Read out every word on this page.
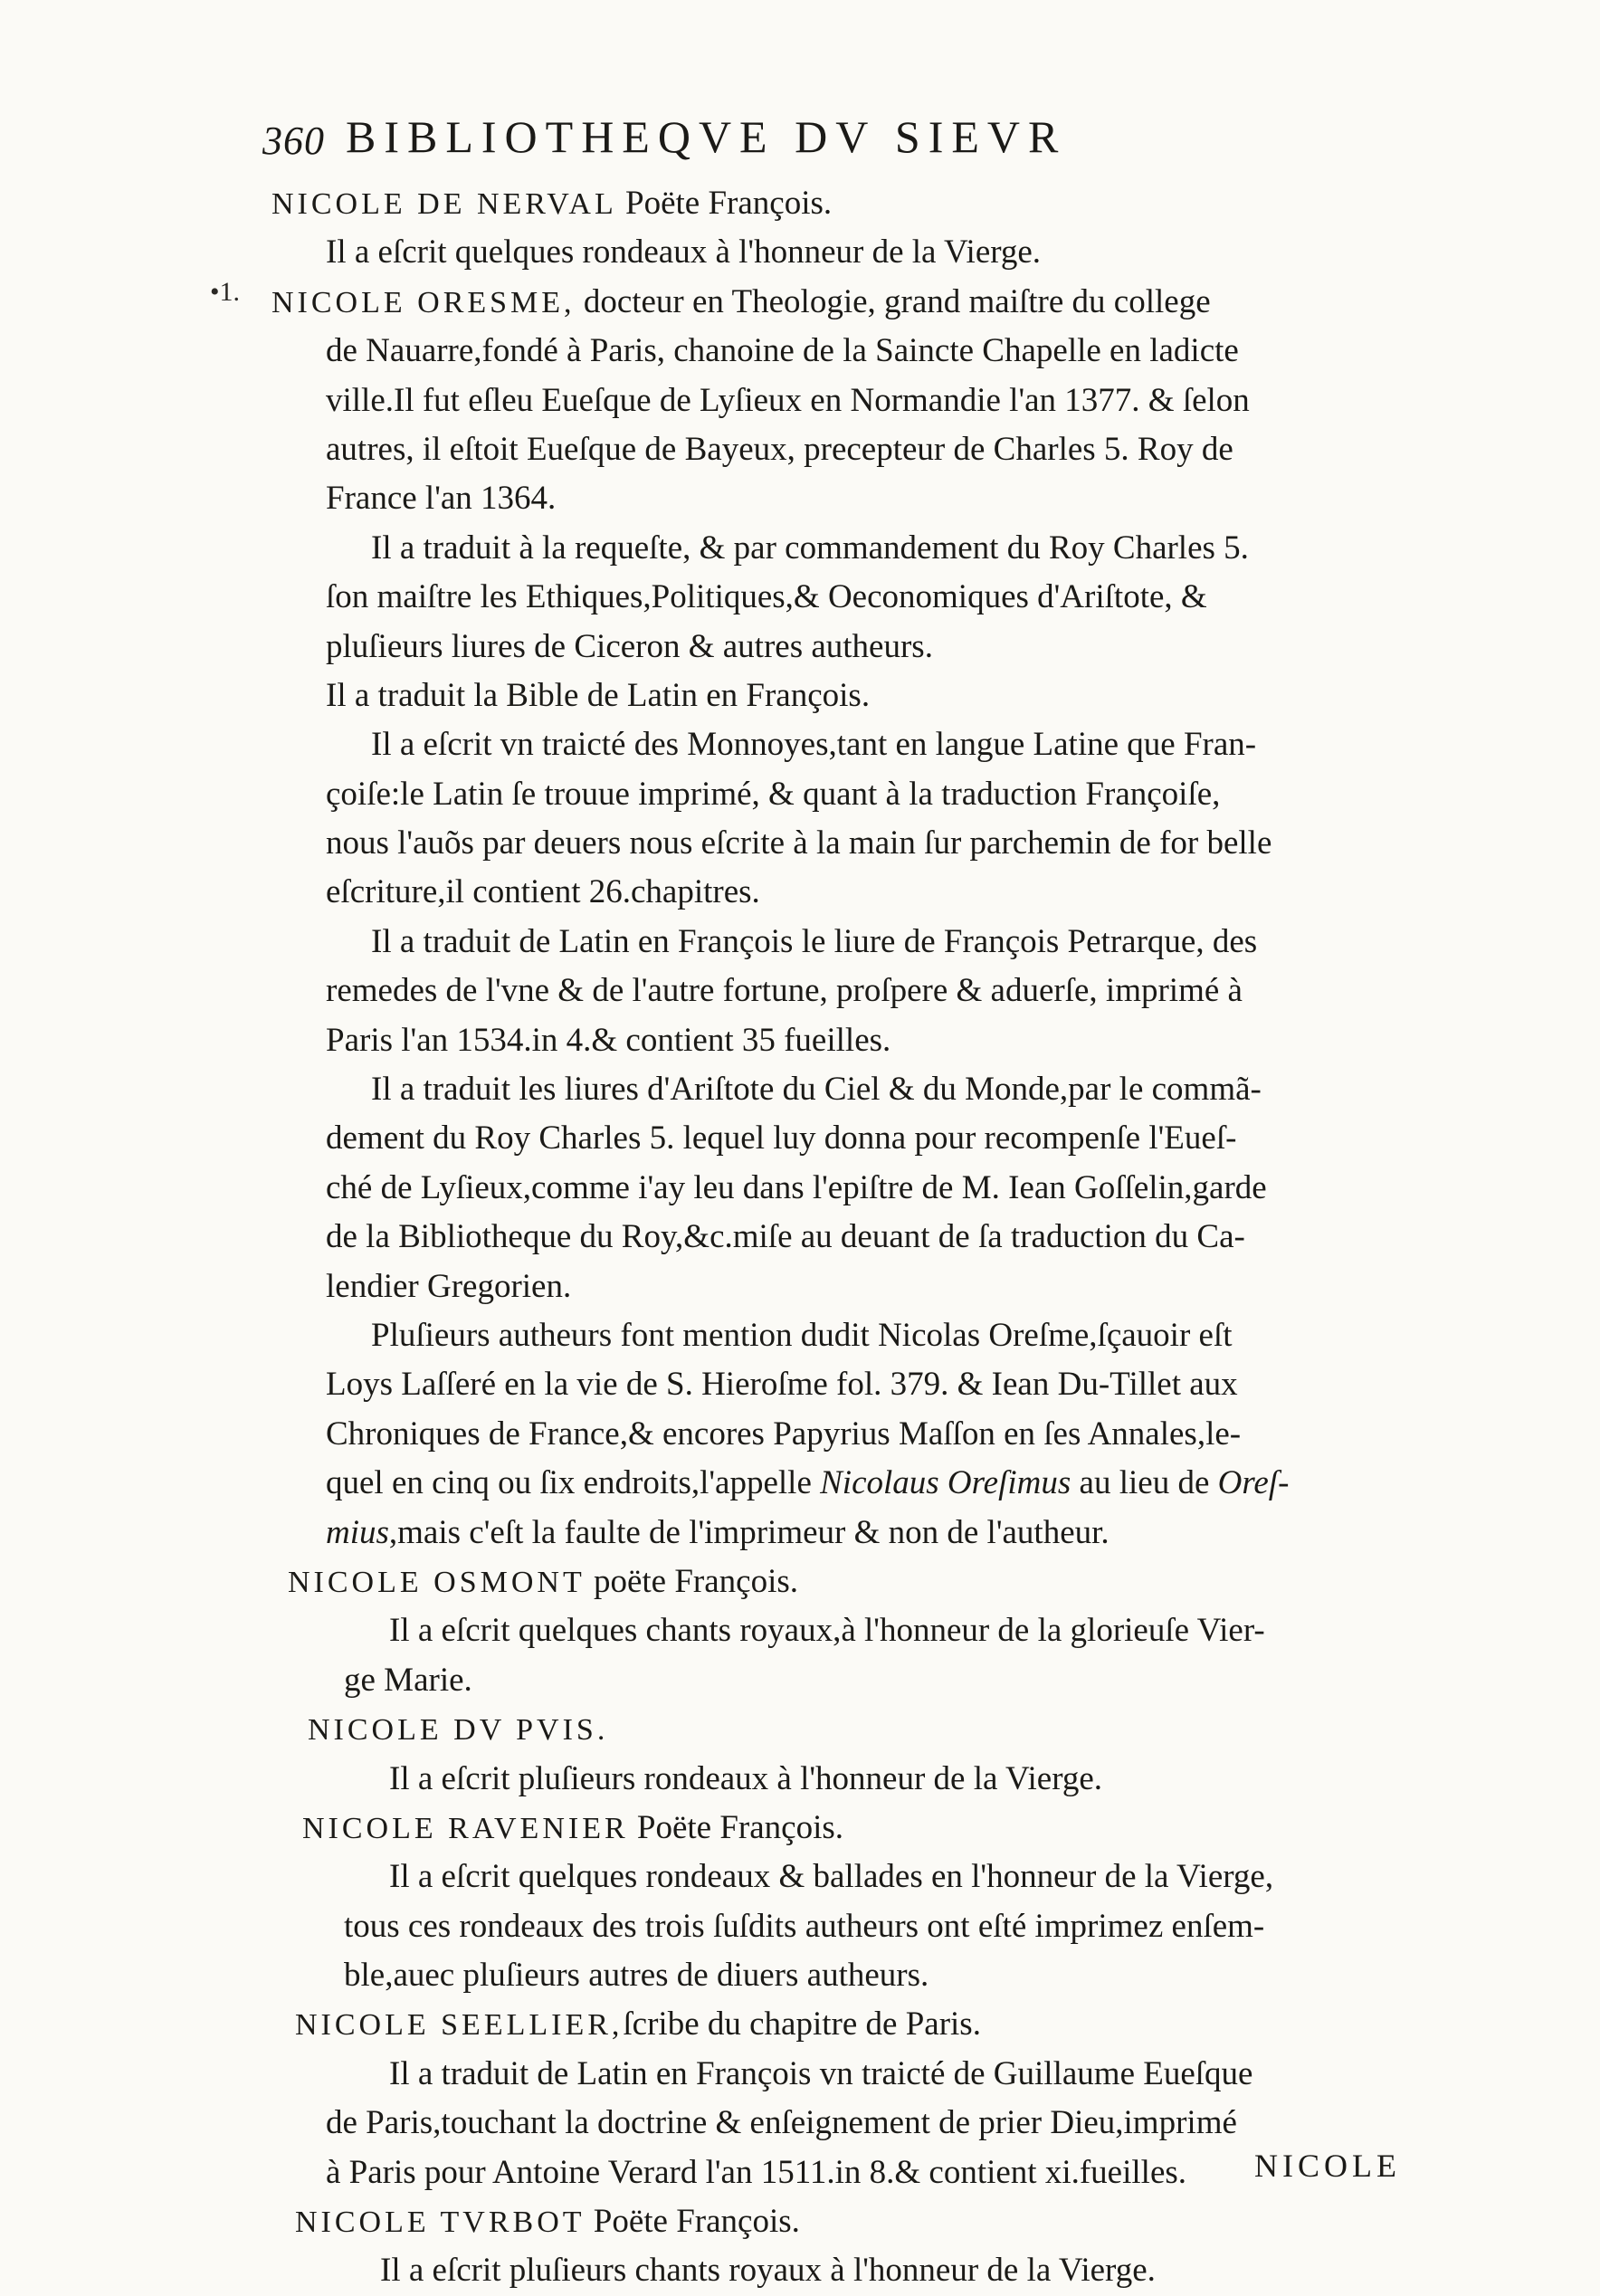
360 BIBLIOTHEQVE DV SIEVR
•1.
NICOLE DE NERVAL Poëte François.
Il a eſcrit quelques rondeaux à l'honneur de la Vierge.
NICOLE ORESME, docteur en Theologie, grand maiſtre du college
de Nauarre,fondé à Paris, chanoine de la Saincte Chapelle en ladicte
ville.Il fut eſleu Eueſque de Lyſieux en Normandie l'an 1377. & ſelon
autres, il eſtoit Eueſque de Bayeux, precepteur de Charles 5. Roy de
France l'an 1364.
Il a traduit à la requeſte, & par commandement du Roy Charles 5.
ſon maiſtre les Ethiques,Politiques,& Oeconomiques d'Ariſtote, &
pluſieurs liures de Ciceron & autres autheurs.
Il a traduit la Bible de Latin en François.
Il a eſcrit vn traicté des Monnoyes,tant en langue Latine que Fran-
çoiſe:le Latin ſe trouue imprimé, & quant à la traduction Françoiſe,
nous l'auõs par deuers nous eſcrite à la main ſur parchemin de for belle
eſcriture,il contient 26.chapitres.
Il a traduit de Latin en François le liure de François Petrarque, des
remedes de l'vne & de l'autre fortune, proſpere & aduerſe, imprimé à
Paris l'an 1534.in 4.& contient 35 fueilles.
Il a traduit les liures d'Ariſtote du Ciel & du Monde,par le commã-
dement du Roy Charles 5. lequel luy donna pour recompenſe l'Eueſ-
ché de Lyſieux,comme i'ay leu dans l'epiſtre de M. Iean Goſſelin,garde
de la Bibliotheque du Roy,&c.miſe au deuant de ſa traduction du Ca-
lendier Gregorien.
Pluſieurs autheurs font mention dudit Nicolas Oreſme,ſçauoir eſt
Loys Laſſeré en la vie de S. Hieroſme fol. 379. & Iean Du-Tillet aux
Chroniques de France,& encores Papyrius Maſſon en ſes Annales,le-
quel en cinq ou ſix endroits,l'appelle Nicolaus Oreſimus au lieu de Oreſ-
mius,mais c'eſt la faulte de l'imprimeur & non de l'autheur.
NICOLE OSMONT poëte François.
Il a eſcrit quelques chants royaux,à l'honneur de la glorieuſe Vier-
ge Marie.
NICOLE DV PVIS.
Il a eſcrit pluſieurs rondeaux à l'honneur de la Vierge.
NICOLE RAVENIER Poëte François.
Il a eſcrit quelques rondeaux & ballades en l'honneur de la Vierge,
tous ces rondeaux des trois ſuſdits autheurs ont eſté imprimez enſem-
ble,auec pluſieurs autres de diuers autheurs.
NICOLE SEELLIER,ſcribe du chapitre de Paris.
Il a traduit de Latin en François vn traicté de Guillaume Eueſque
de Paris,touchant la doctrine & enſeignement de prier Dieu,imprimé
à Paris pour Antoine Verard l'an 1511.in 8.& contient xi.fueilles.
NICOLE TVRBOT Poëte François.
Il a eſcrit pluſieurs chants royaux à l'honneur de la Vierge.
NICOLE
